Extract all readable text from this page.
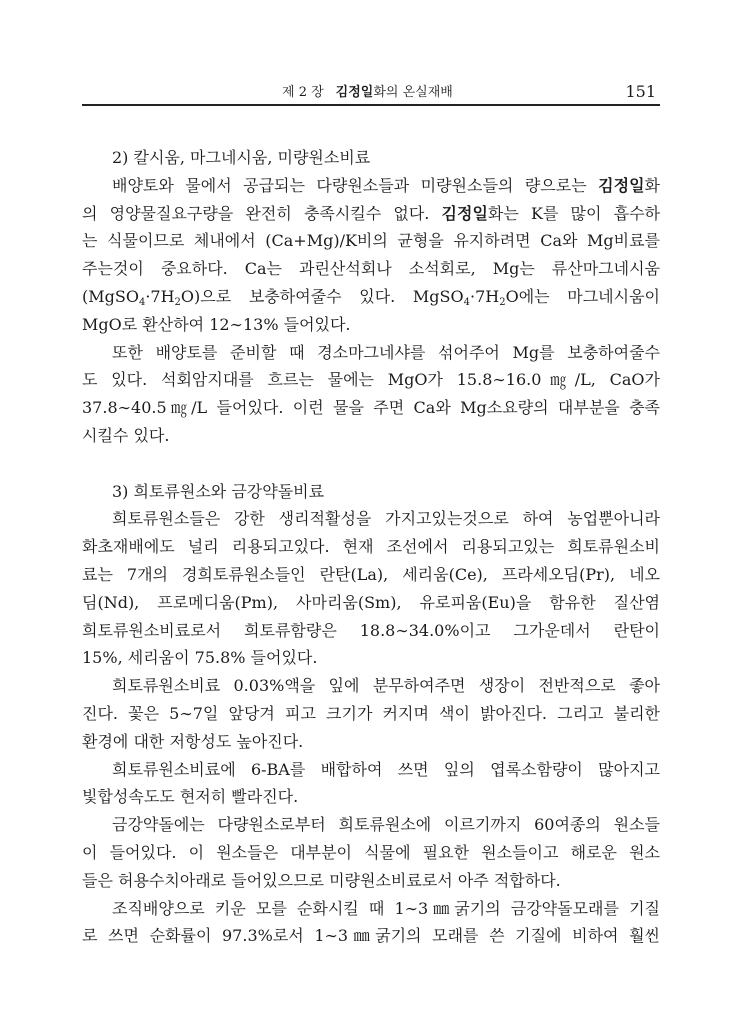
제 2 장 김정일화의 온실재배	151
2) 칼시움, 마그네시움, 미량원소비료
배양토와 물에서 공급되는 다량원소들과 미량원소들의 량으로는 김정일화
의 영양물질요구량을 완전히 충족시킬수 없다. 김정일화는 K를 많이 흡수하
는 식물이므로 체내에서 (Ca+Mg)/K비의 균형을 유지하려면 Ca와 Mg비료를
주는것이 중요하다. Ca는 과린산석회나 소석회로, Mg는 류산마그네시움
$(MgSO_4\cdot 7H_2O)$으로 보충하여줄수 있다. $MgSO_4\cdot 7H_2O$에는 마그네시움이
MgO로 환산하여 12∼13% 들어있다.
또한 배양토를 준비할 때 경소마그네샤를 섞어주어 Mg를 보충하여줄수
도 있다. 석회암지대를 흐르는 물에는 MgO가 15.8∼16.0㎎/L, CaO가
37.8∼40.5㎎/L 들어있다. 이런 물을 주면 Ca와 Mg소요량의 대부분을 충족
시킬수 있다.
3) 희토류원소와 금강약돌비료
희토류원소들은 강한 생리적활성을 가지고있는것으로 하여 농업뿐아니라
화초재배에도 널리 리용되고있다. 현재 조선에서 리용되고있는 희토류원소비
료는 7개의 경희토류원소들인 란탄(La), 세리움(Ce), 프라세오딤(Pr), 네오
딤(Nd), 프로메디움(Pm), 사마리움(Sm), 유로피움(Eu)을 함유한 질산염
희토류원소비료로서 희토류함량은 18.8∼34.0%이고 그가운데서 란탄이
15%, 세리움이 75.8% 들어있다.
희토류원소비료 0.03%액을 잎에 분무하여주면 생장이 전반적으로 좋아
진다. 꽃은 5∼7일 앞당겨 피고 크기가 커지며 색이 밝아진다. 그리고 불리한
환경에 대한 저항성도 높아진다.
희토류원소비료에 6-BA를 배합하여 쓰면 잎의 엽록소함량이 많아지고
빛합성속도도 현저히 빨라진다.
금강약돌에는 다량원소로부터 희토류원소에 이르기까지 60여종의 원소들
이 들어있다. 이 원소들은 대부분이 식물에 필요한 원소들이고 해로운 원소
들은 허용수치아래로 들어있으므로 미량원소비료로서 아주 적합하다.
조직배양으로 키운 모를 순화시킬 때 1∼3㎜굵기의 금강약돌모래를 기질
로 쓰면 순화률이 97.3%로서 1∼3㎜굵기의 모래를 쓴 기질에 비하여 훨씬
